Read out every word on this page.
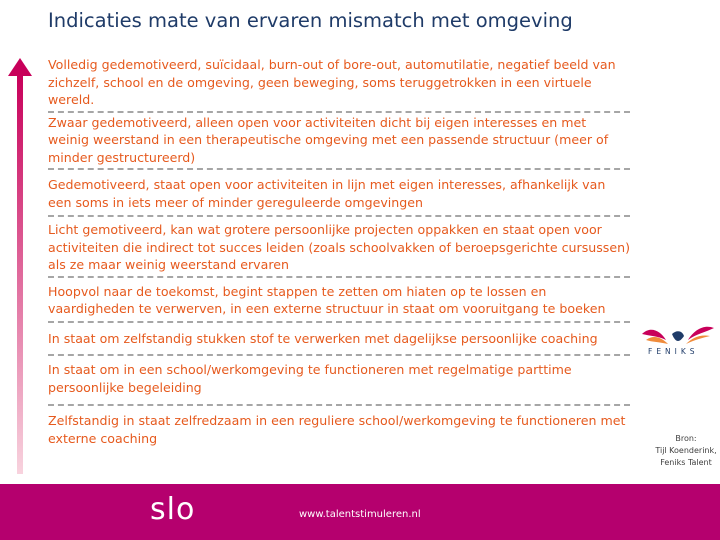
Indicaties mate van ervaren mismatch met omgeving
Volledig gedemotiveerd, suïcidaal, burn-out of bore-out, automutilatie, negatief beeld van zichzelf, school en de omgeving, geen beweging, soms teruggetrokken in een virtuele wereld.
Zwaar gedemotiveerd, alleen open voor activiteiten dicht bij eigen interesses en met weinig weerstand in een therapeutische omgeving met een passende structuur (meer of minder gestructureerd)
Gedemotiveerd, staat open voor activiteiten in lijn met eigen interesses, afhankelijk van een soms in iets meer of minder gereguleerde omgevingen
Licht gemotiveerd, kan wat grotere persoonlijke projecten oppakken en staat open voor activiteiten die indirect tot succes leiden (zoals schoolvakken of beroepsgerichte cursussen) als ze maar weinig weerstand ervaren
Hoopvol naar de toekomst, begint stappen te zetten om hiaten op te lossen en vaardigheden te verwerven, in een externe structuur in staat om vooruitgang te boeken
In staat om zelfstandig stukken stof te verwerken met dagelijkse persoonlijke coaching
In staat om in een school/werkomgeving te functioneren met regelmatige parttime persoonlijke begeleiding
Zelfstandig in staat zelfredzaam in een reguliere school/werkomgeving te functioneren met externe coaching
FENIKS
Bron:
Tijl Koenderink,
Feniks Talent
slo	www.talentstimuleren.nl
